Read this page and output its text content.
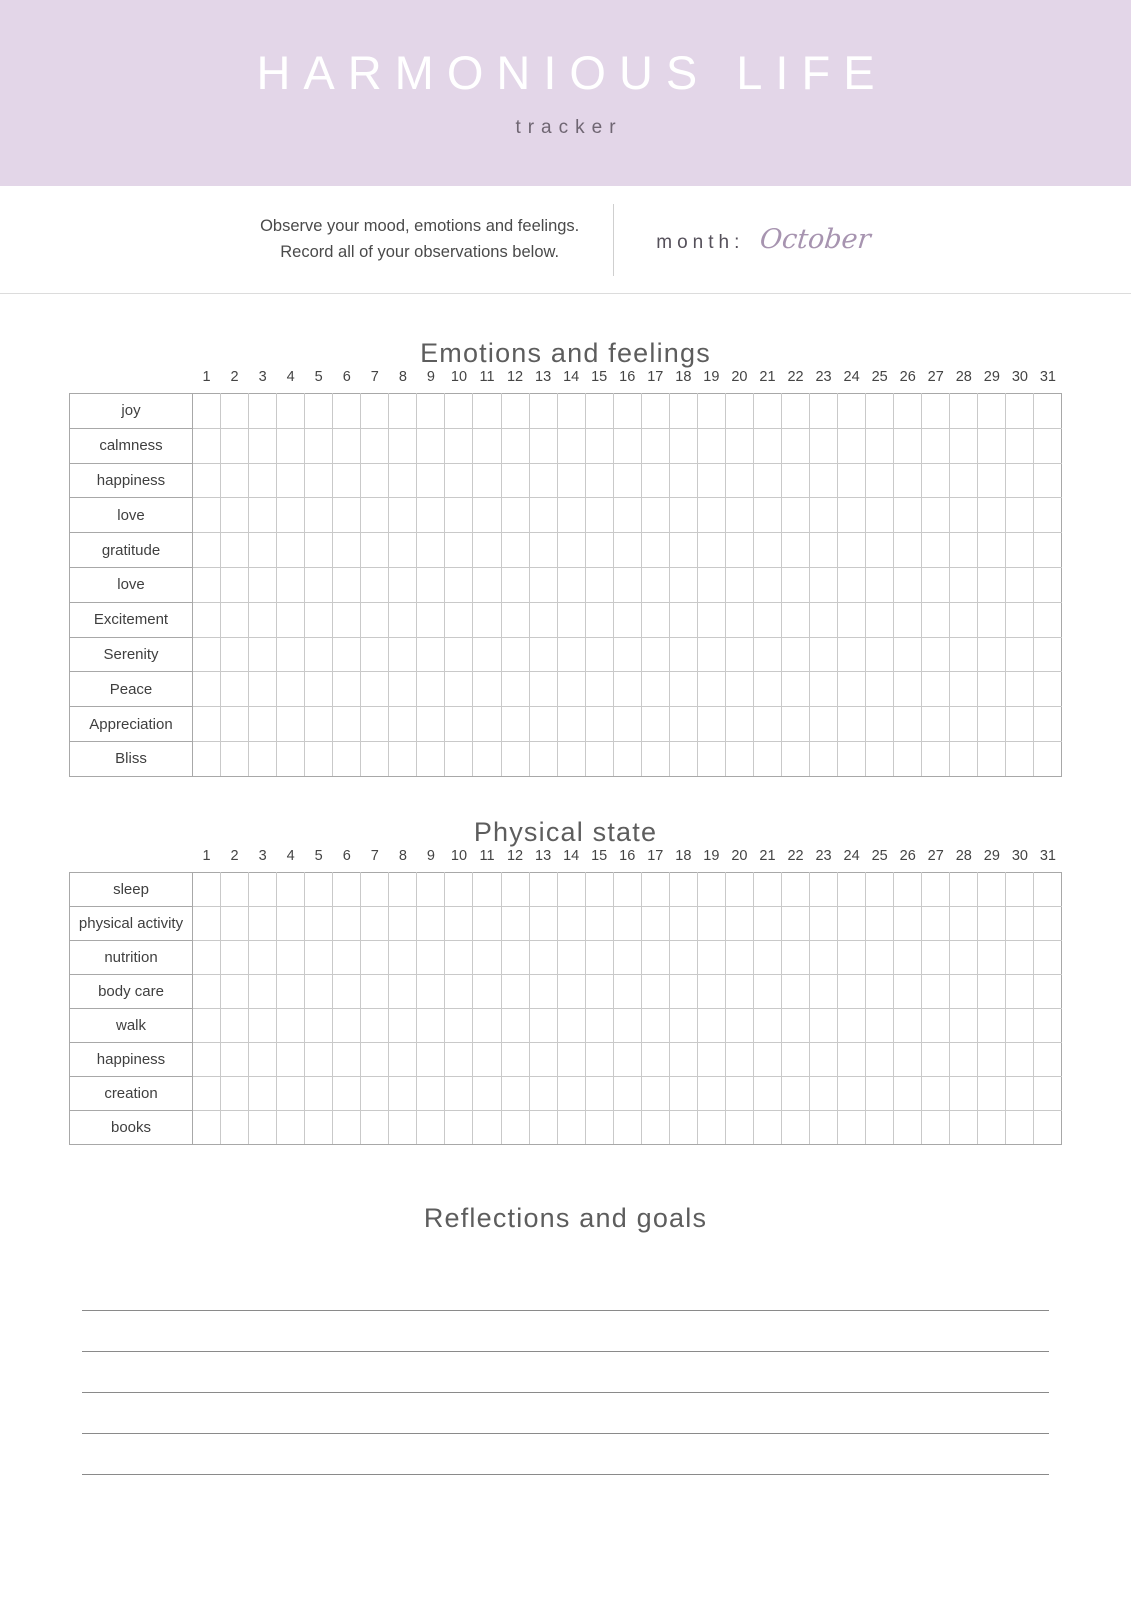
HARMONIOUS LIFE
tracker
Observe your mood, emotions and feelings.
Record all of your observations below.	month: October
Emotions and feelings
	1	2	3	4	5	6	7	8	9	10	11	12	13	14	15	16	17	18	19	20	21	22	23	24	25	26	27	28	29	30	31
joy																															
calmness																															
happiness																															
love																															
gratitude																															
love																															
Excitement																															
Serenity																															
Peace																															
Appreciation																															
Bliss																															
Physical state
	1	2	3	4	5	6	7	8	9	10	11	12	13	14	15	16	17	18	19	20	21	22	23	24	25	26	27	28	29	30	31
sleep																															
physical activity																															
nutrition																															
body care																															
walk																															
happiness																															
creation																															
books																															
Reflections and goals
